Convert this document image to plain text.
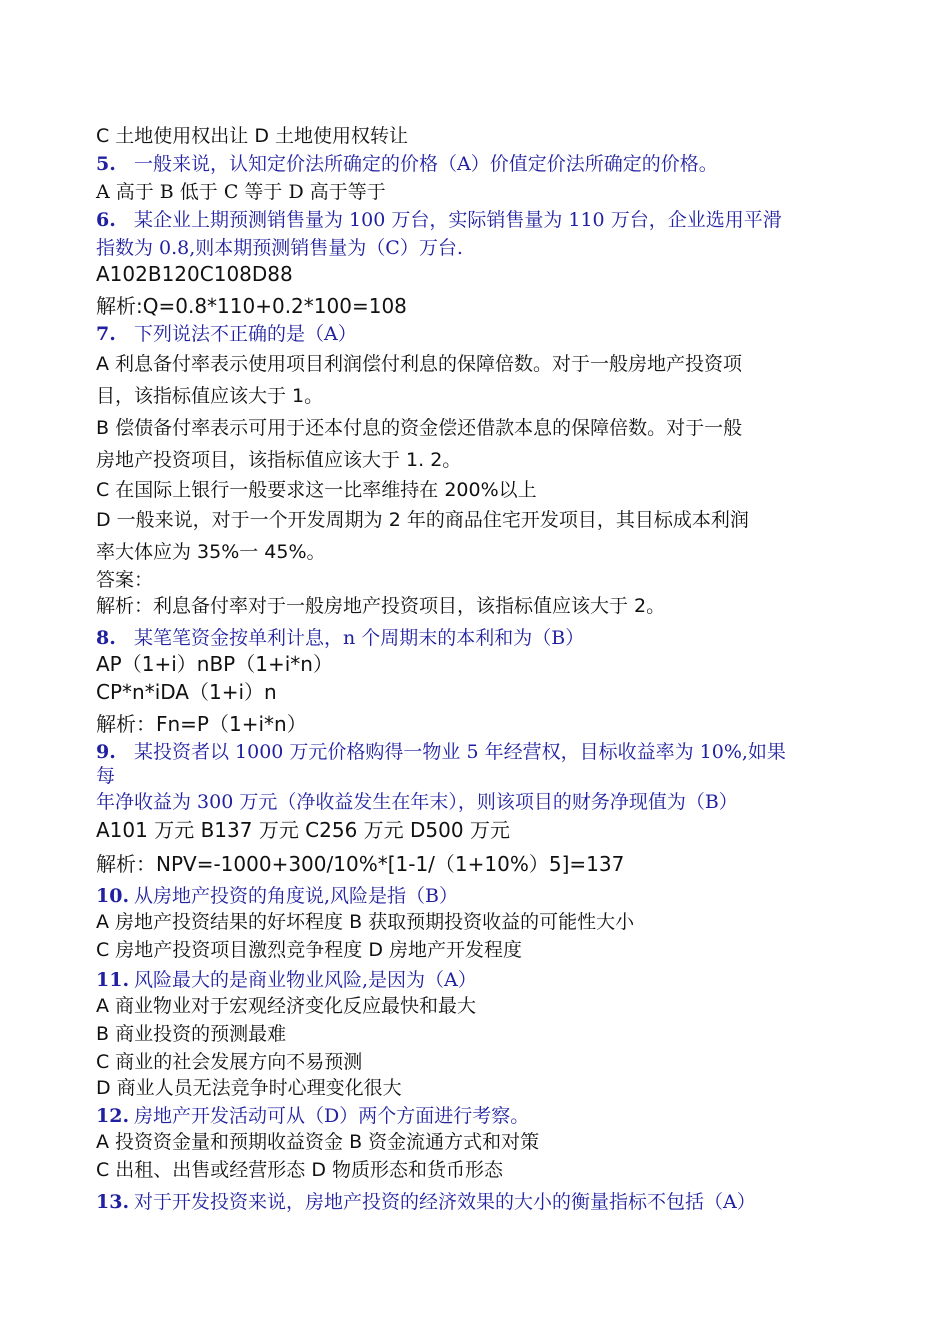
C 土地使用权出让 D 土地使用权转让
5. 一般来说，认知定价法所确定的价格（A）价值定价法所确定的价格。
A 高于 B 低于 C 等于 D 高于等于
6. 某企业上期预测销售量为 100 万台，实际销售量为 110 万台，企业选用平滑
指数为 0.8,则本期预测销售量为（C）万台.
A102B120C108D88
解析:Q=0.8*110+0.2*100=108
7. 下列说法不正确的是（A）
A 利息备付率表示使用项目利润偿付利息的保障倍数。对于一般房地产投资项
目，该指标值应该大于 1。
B 偿债备付率表示可用于还本付息的资金偿还借款本息的保障倍数。对于一般
房地产投资项目，该指标值应该大于 1. 2。
C 在国际上银行一般要求这一比率维持在 200%以上
D 一般来说，对于一个开发周期为 2 年的商品住宅开发项目，其目标成本利润
率大体应为 35%一 45%。
答案：
解析：利息备付率对于一般房地产投资项目，该指标值应该大于 2。
8. 某笔笔资金按单利计息，n 个周期末的本利和为（B）
AP（1+i）nBP（1+i*n）
CP*n*iDA（1+i）n
解析：Fn=P（1+i*n）
9. 某投资者以 1000 万元价格购得一物业 5 年经营权，目标收益率为 10%,如果
每
年净收益为 300 万元（净收益发生在年末），则该项目的财务净现值为（B）
A101 万元 B137 万元 C256 万元 D500 万元
解析：NPV=-1000+300/10%*[1-1/（1+10%）5]=137
10. 从房地产投资的角度说,风险是指（B）
A 房地产投资结果的好坏程度 B 获取预期投资收益的可能性大小
C 房地产投资项目激烈竞争程度 D 房地产开发程度
11. 风险最大的是商业物业风险,是因为（A）
A 商业物业对于宏观经济变化反应最快和最大
B 商业投资的预测最难
C 商业的社会发展方向不易预测
D 商业人员无法竞争时心理变化很大
12. 房地产开发活动可从（D）两个方面进行考察。
A 投资资金量和预期收益资金 B 资金流通方式和对策
C 出租、出售或经营形态 D 物质形态和货币形态
13. 对于开发投资来说，房地产投资的经济效果的大小的衡量指标不包括（A）
